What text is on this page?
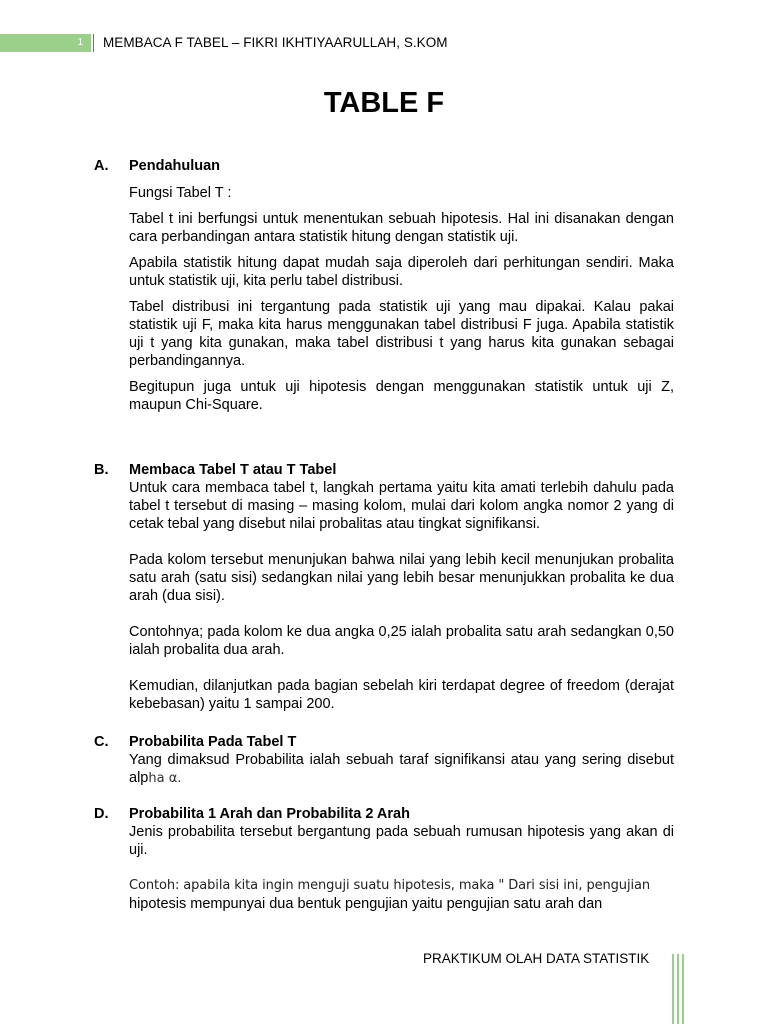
1 MEMBACA F TABEL – FIKRI IKHTIYAARULLAH, S.KOM
TABLE F
A. Pendahuluan

Fungsi Tabel T :

Tabel t ini berfungsi untuk menentukan sebuah hipotesis. Hal ini disanakan dengan cara perbandingan antara statistik hitung dengan statistik uji.

Apabila statistik hitung dapat mudah saja diperoleh dari perhitungan sendiri. Maka untuk statistik uji, kita perlu tabel distribusi.

Tabel distribusi ini tergantung pada statistik uji yang mau dipakai. Kalau pakai statistik uji F, maka kita harus menggunakan tabel distribusi F juga. Apabila statistik uji t yang kita gunakan, maka tabel distribusi t yang harus kita gunakan sebagai perbandingannya.

Begitupun juga untuk uji hipotesis dengan menggunakan statistik untuk uji Z, maupun Chi-Square.

B. Membaca Tabel T atau T Tabel

Untuk cara membaca tabel t, langkah pertama yaitu kita amati terlebih dahulu pada tabel t tersebut di masing – masing kolom, mulai dari kolom angka nomor 2 yang di cetak tebal yang disebut nilai probalitas atau tingkat signifikansi.

Pada kolom tersebut menunjukan bahwa nilai yang lebih kecil menunjukan probalita satu arah (satu sisi) sedangkan nilai yang lebih besar menunjukkan probalita ke dua arah (dua sisi).

Contohnya; pada kolom ke dua angka 0,25 ialah probalita satu arah sedangkan 0,50 ialah probalita dua arah.

Kemudian, dilanjutkan pada bagian sebelah kiri terdapat degree of freedom (derajat kebebasan) yaitu 1 sampai 200.

C. Probabilita Pada Tabel T

Yang dimaksud Probabilita ialah sebuah taraf signifikansi atau yang sering disebut alpha α.

D. Probabilita 1 Arah dan Probabilita 2 Arah

Jenis probabilita tersebut bergantung pada sebuah rumusan hipotesis yang akan di uji.

Contoh: apabila kita ingin menguji suatu hipotesis, maka " Dari sisi ini, pengujian

hipotesis mempunyai dua bentuk pengujian yaitu pengujian satu arah dan

PRAKTIKUM OLAH DATA STATISTIK
